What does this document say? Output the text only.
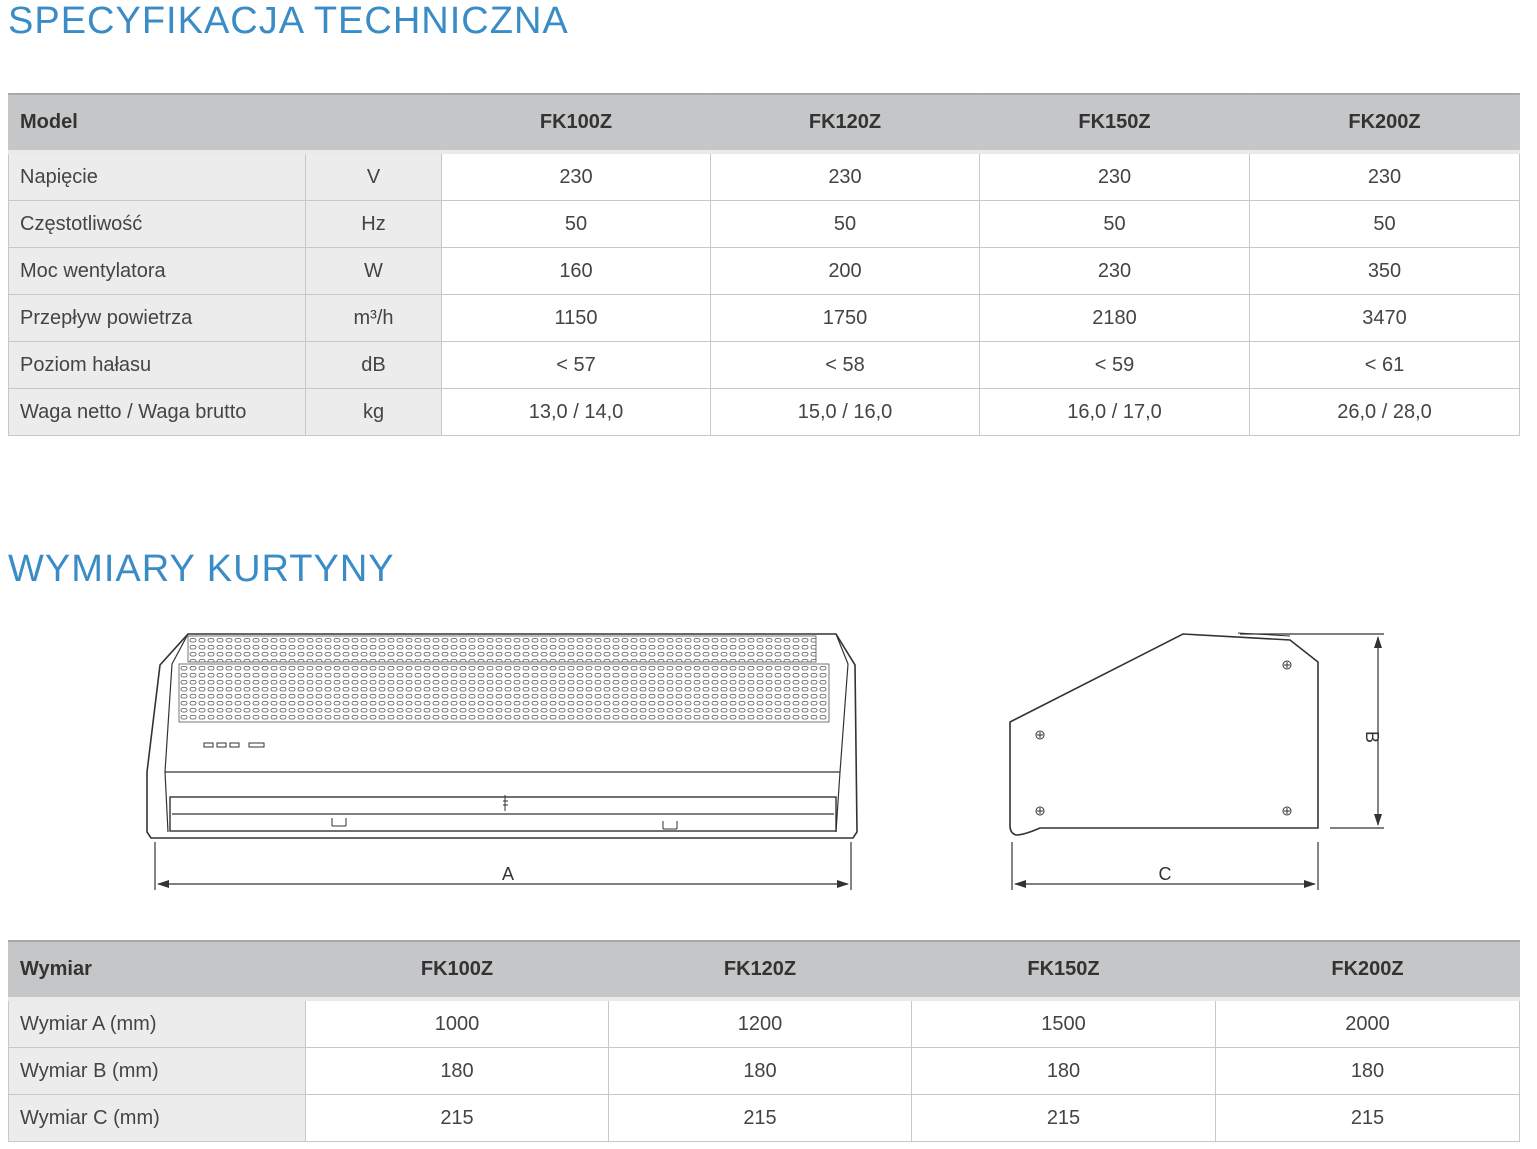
SPECYFIKACJA TECHNICZNA
Model		FK100Z	FK120Z	FK150Z	FK200Z
Napięcie	V	230	230	230	230
Częstotliwość	Hz	50	50	50	50
Moc wentylatora	W	160	200	230	350
Przepływ powietrza	m³/h	1150	1750	2180	3470
Poziom hałasu	dB	< 57	< 58	< 59	< 61
Waga netto / Waga brutto	kg	13,0 / 14,0	15,0 / 16,0	16,0 / 17,0	26,0 / 28,0
WYMIARY KURTYNY
A
B
C
Wymiar	FK100Z	FK120Z	FK150Z	FK200Z
Wymiar A (mm)	1000	1200	1500	2000
Wymiar B (mm)	180	180	180	180
Wymiar C (mm)	215	215	215	215
